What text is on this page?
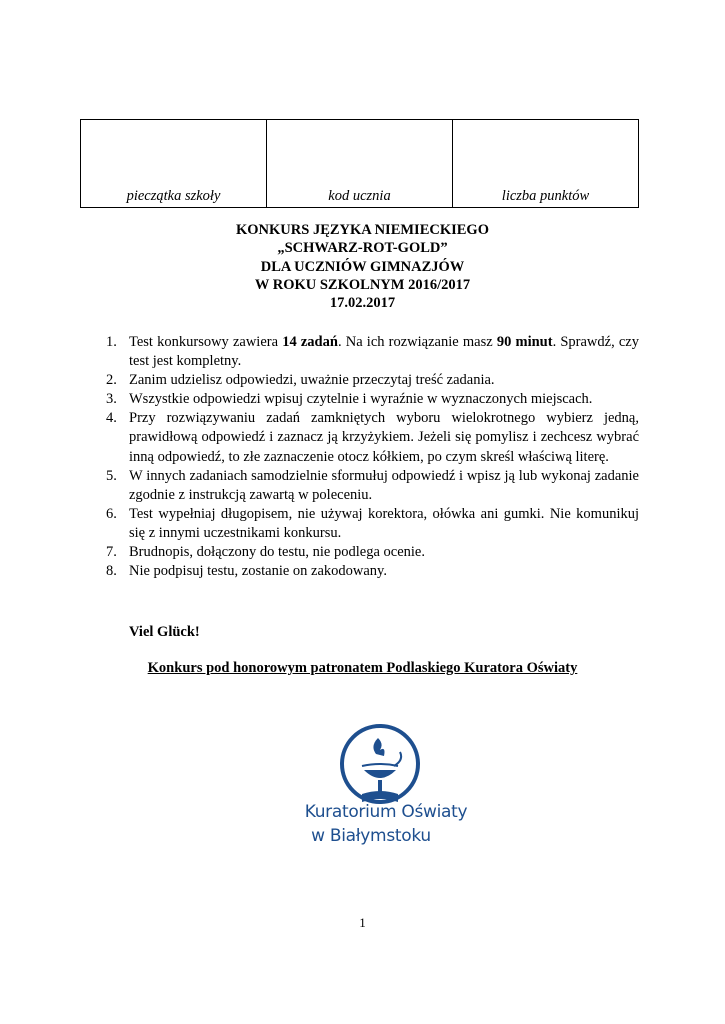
pieczątka szkoły	kod ucznia	liczba punktów
KONKURS JĘZYKA NIEMIECKIEGO
„SCHWARZ-ROT-GOLD”
DLA UCZNIÓW GIMNAZJÓW
W ROKU SZKOLNYM 2016/2017
17.02.2017
1. Test konkursowy zawiera 14 zadań. Na ich rozwiązanie masz 90 minut. Sprawdź, czy test jest kompletny.
2. Zanim udzielisz odpowiedzi, uważnie przeczytaj treść zadania.
3. Wszystkie odpowiedzi wpisuj czytelnie i wyraźnie w wyznaczonych miejscach.
4. Przy rozwiązywaniu zadań zamkniętych wyboru wielokrotnego wybierz jedną, prawidłową odpowiedź i zaznacz ją krzyżykiem. Jeżeli się pomylisz i zechcesz wybrać inną odpowiedź, to złe zaznaczenie otocz kółkiem, po czym skreśl właściwą literę.
5. W innych zadaniach samodzielnie sformułuj odpowiedź i wpisz ją lub wykonaj zadanie zgodnie z instrukcją zawartą w poleceniu.
6. Test wypełniaj długopisem, nie używaj korektora, ołówka ani gumki. Nie komunikuj się z innymi uczestnikami konkursu.
7. Brudnopis, dołączony do testu, nie podlega ocenie.
8. Nie podpisuj testu, zostanie on zakodowany.
Viel Glück!
Konkurs pod honorowym patronatem Podlaskiego Kuratora Oświaty
Kuratorium Oświaty
w Białymstoku
1
